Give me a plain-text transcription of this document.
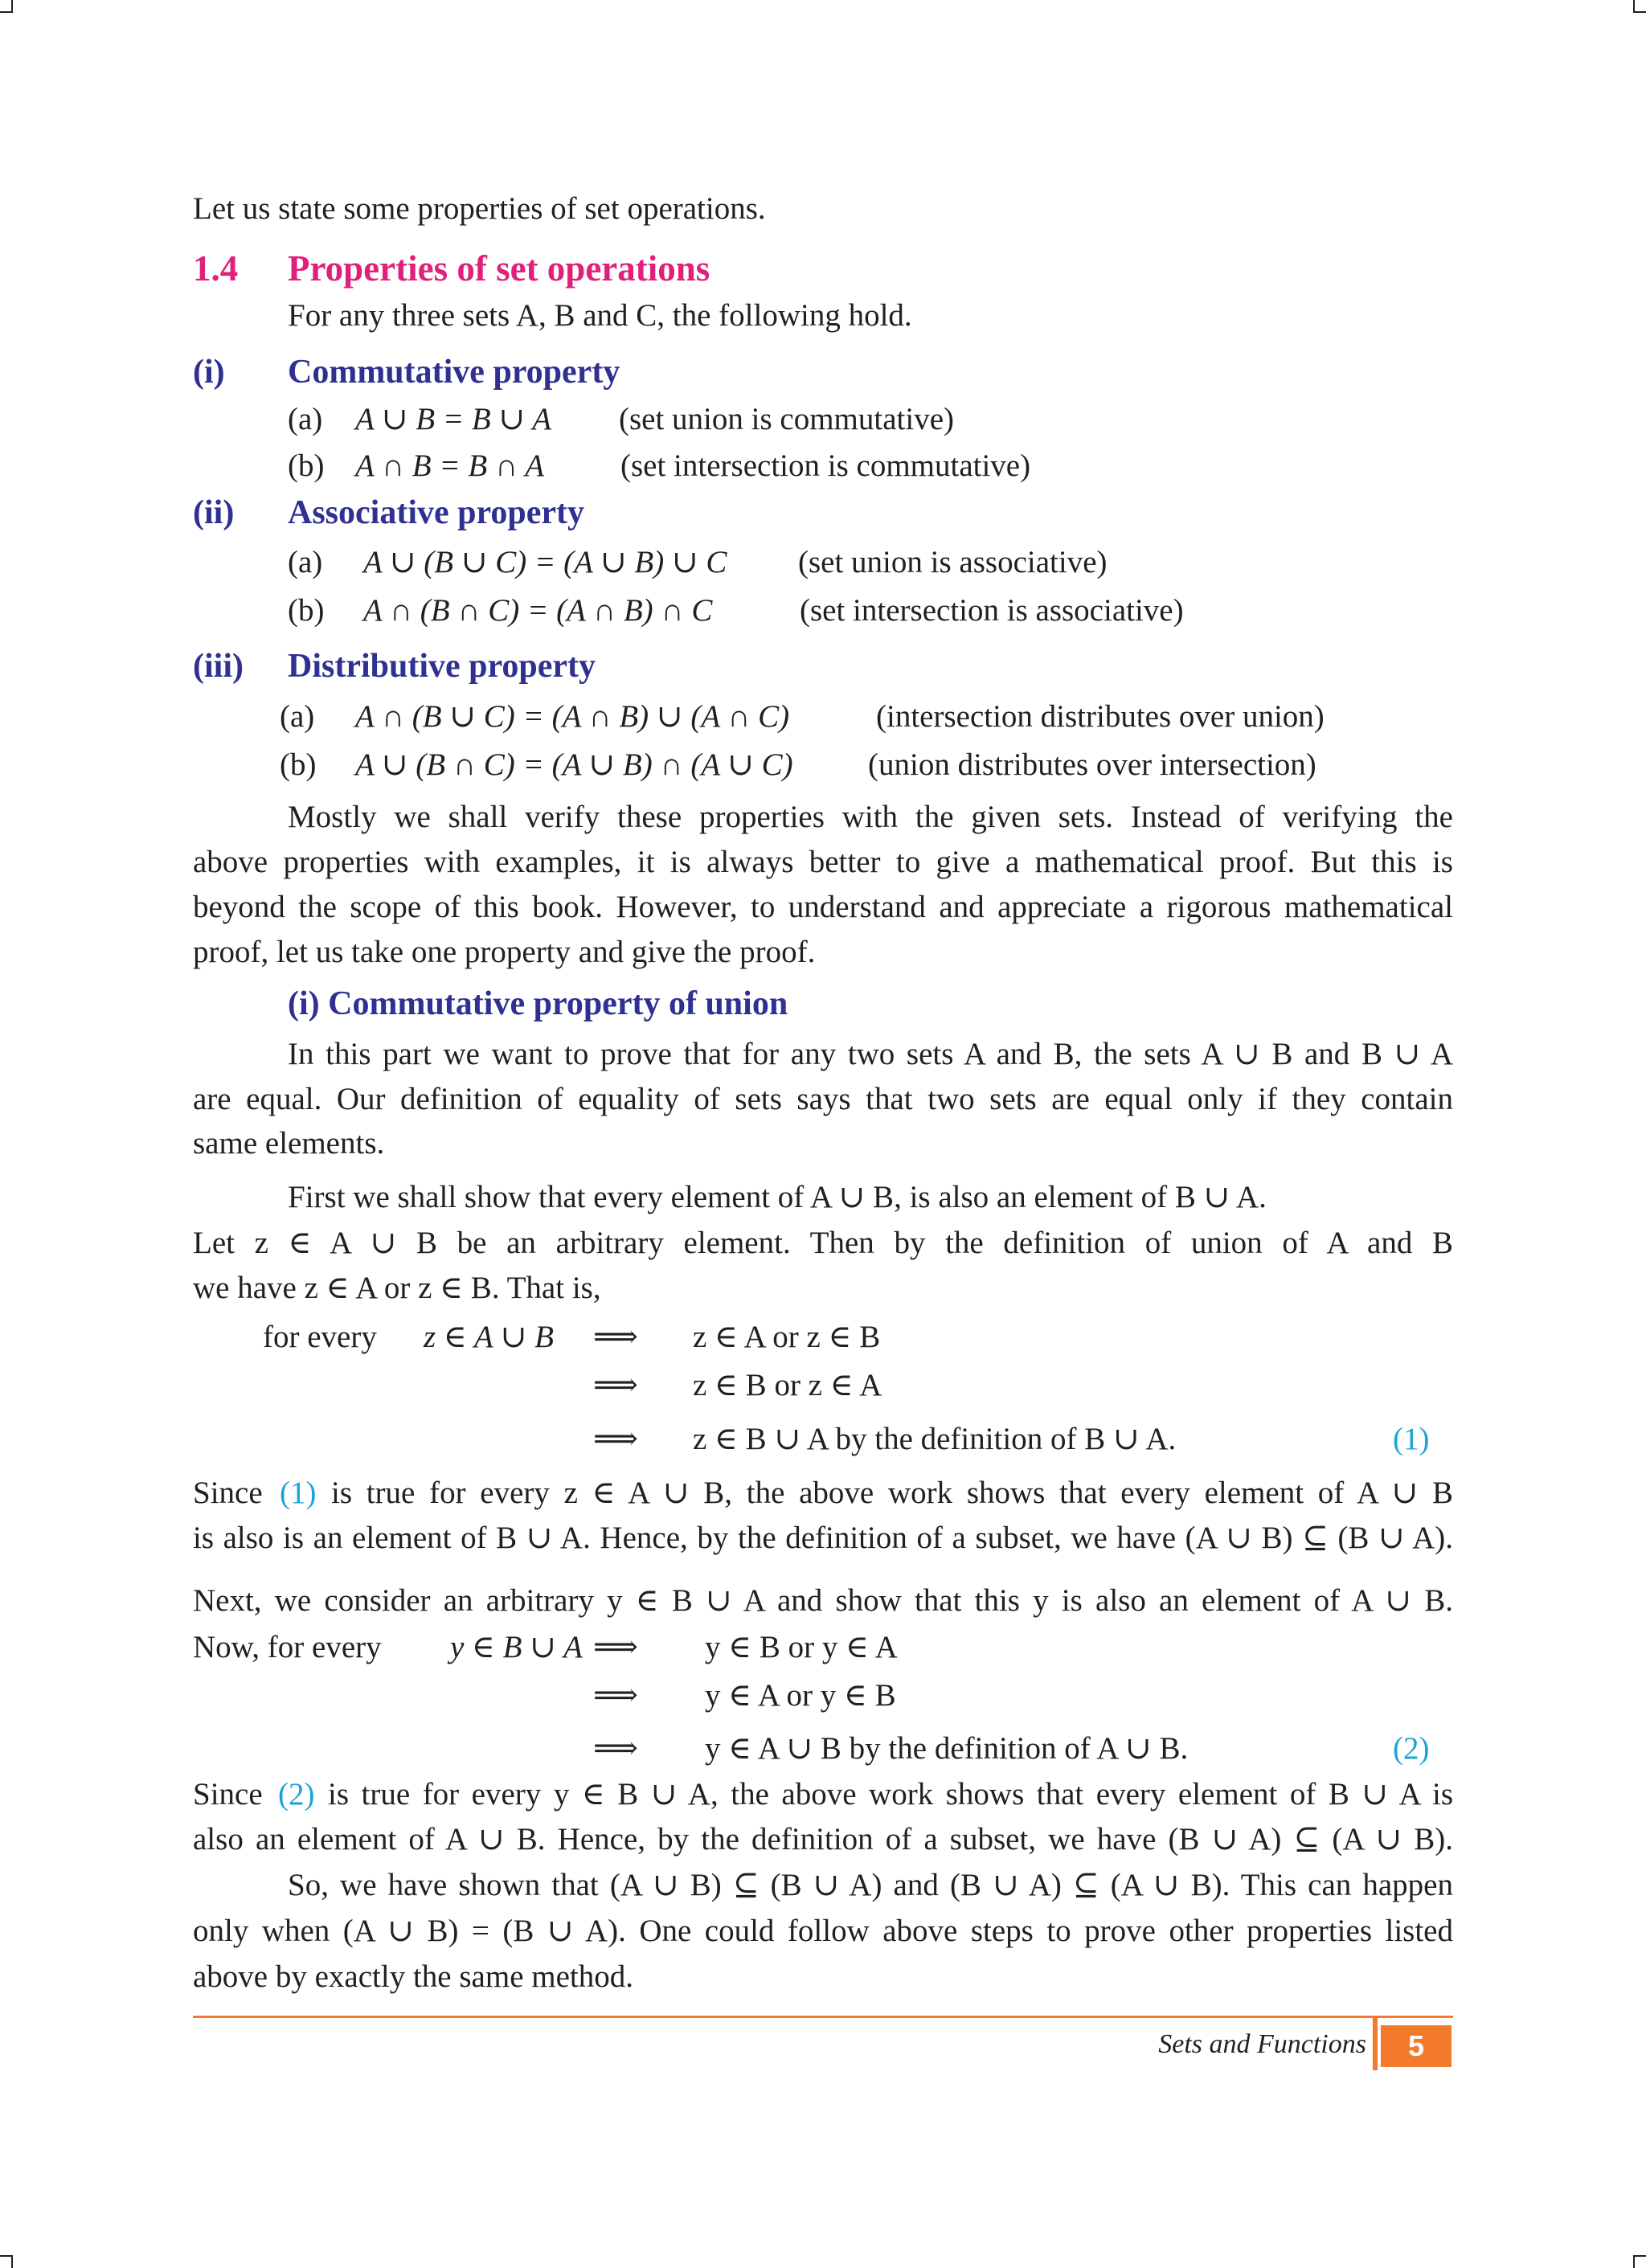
Let us state some properties of set operations.
1.4 Properties of set operations
For any three sets A, B and C, the following hold.
(i) Commutative property
(a) A ∪ B = B ∪ A (set union is commutative)
(b) A ∩ B = B ∩ A (set intersection is commutative)
(ii) Associative property
(a) A ∪ (B ∪ C) = (A ∪ B) ∪ C (set union is associative)
(b) A ∩ (B ∩ C) = (A ∩ B) ∩ C	(set intersection is associative)
(iii) Distributive property
(a) A ∩ (B ∪ C) = (A ∩ B) ∪ (A ∩ C)	(intersection distributes over union)
(b) A ∪ (B ∩ C) = (A ∪ B) ∩ (A ∪ C) (union distributes over intersection)
Mostly we shall verify these properties with the given sets. Instead of verifying the
above properties with examples, it is always better to give a mathematical proof. But this is
beyond the scope of this book. However, to understand and appreciate a rigorous mathematical
proof, let us take one property and give the proof.
(i) Commutative property of union
In this part we want to prove that for any two sets A and B, the sets A ∪ B and B ∪ A
are equal. Our definition of equality of sets says that two sets are equal only if they contain
same elements.
First we shall show that every element of A ∪ B, is also an element of B ∪ A.
Let z ∈ A ∪ B be an arbitrary element. Then by the definition of union of A and B
we have z ∈ A or z ∈ B. That is,
for every z ∈ A ∪ B ⟹ z ∈ A or z ∈ B
⟹ z ∈ B or z ∈ A
⟹ z ∈ B ∪ A by the definition of B ∪ A.	(1)
Since (1) is true for every z ∈ A ∪ B, the above work shows that every element of A ∪ B
is also is an element of B ∪ A. Hence, by the definition of a subset, we have (A ∪ B) ⊆ (B ∪ A).
Next, we consider an arbitrary y ∈ B ∪ A and show that this y is also an element of A ∪ B.
Now, for every y ∈ B ∪ A ⟹ y ∈ B or y ∈ A
⟹ y ∈ A or y ∈ B
⟹ y ∈ A ∪ B by the definition of A ∪ B.	(2)
Since (2) is true for every y ∈ B ∪ A, the above work shows that every element of B ∪ A is
also an element of A ∪ B. Hence, by the definition of a subset, we have (B ∪ A) ⊆ (A ∪ B).
So, we have shown that (A ∪ B) ⊆ (B ∪ A) and (B ∪ A) ⊆ (A ∪ B). This can happen
only when (A ∪ B) = (B ∪ A). One could follow above steps to prove other properties listed
above by exactly the same method.
Sets and Functions	5
